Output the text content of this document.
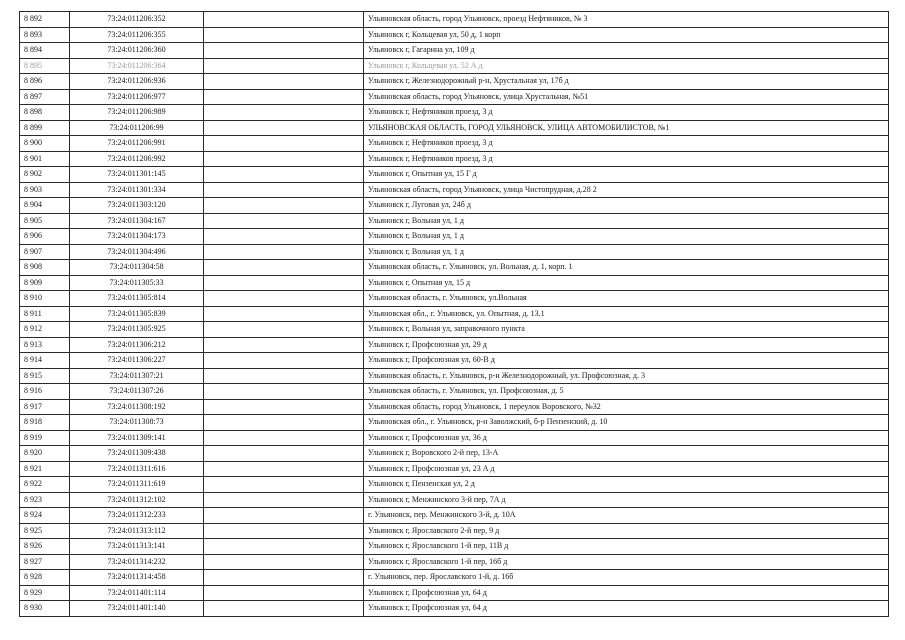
8 892	73:24:011206:352		Ульяновская область, город Ульяновск, проезд Нефтяников, № 3
8 893	73:24:011206:355		Ульяновск г, Кольцевая ул, 50 д, 1 корп
8 894	73:24:011206:360		Ульяновск г, Гагарина ул, 109 д
8 895	73:24:011206:364		Ульяновск г, Кольцевая ул, 52 А д
8 896	73:24:011206:936		Ульяновск г, Железнодорожный р-н, Хрустальная ул, 17б д
8 897	73:24:011206:977		Ульяновская область, город Ульяновск, улица Хрустальная, №51
8 898	73:24:011206:989		Ульяновск г, Нефтяников проезд, 3 д
8 899	73:24:011206:99		УЛЬЯНОВСКАЯ ОБЛАСТЬ, ГОРОД УЛЬЯНОВСК, УЛИЦА АВТОМОБИЛИСТОВ, №1
8 900	73:24:011206:991		Ульяновск г, Нефтяников проезд, 3 д
8 901	73:24:011206:992		Ульяновск г, Нефтяников проезд, 3 д
8 902	73:24:011301:145		Ульяновск г, Опытная ул, 15 Г д
8 903	73:24:011301:334		Ульяновская область, город Ульяновск, улица Чистопрудная, д.28 2
8 904	73:24:011303:120		Ульяновск г, Луговая ул, 24б д
8 905	73:24:011304:167		Ульяновск г, Вольная ул, 1 д
8 906	73:24:011304:173		Ульяновск г, Вольная ул, 1 д
8 907	73:24:011304:496		Ульяновск г, Вольная ул, 1 д
8 908	73:24:011304:58		Ульяновская область, г. Ульяновск, ул. Вольная, д. 1, корп. 1
8 909	73:24:011305:33		Ульяновск г, Опытная ул, 15 д
8 910	73:24:011305:814		Ульяновская область, г. Ульяновск, ул.Вольная
8 911	73:24:011305:839		Ульяновская обл., г. Ульяновск, ул. Опытная, д. 13.1
8 912	73:24:011305:925		Ульяновск г, Вольная ул, заправочного пункта
8 913	73:24:011306:212		Ульяновск г, Профсоюзная ул, 29 д
8 914	73:24:011306:227		Ульяновск г, Профсоюзная ул, 60-В д
8 915	73:24:011307:21		Ульяновская область, г. Ульяновск, р-н Железнодорожный, ул. Профсоюзная, д. 3
8 916	73:24:011307:26		Ульяновская область, г. Ульяновск, ул. Профсоюзная, д. 5
8 917	73:24:011308:192		Ульяновская область, город Ульяновск, 1 переулок Воровского, №32
8 918	73:24:011308:73		Ульяновская обл., г. Ульяновск, р-н Заволжский, б-р Пензенский, д. 10
8 919	73:24:011309:141		Ульяновск г, Профсоюзная ул, 36 д
8 920	73:24:011309:438		Ульяновск г, Воровского 2-й пер, 13-А
8 921	73:24:011311:616		Ульяновск г, Профсоюзная ул, 23 А д
8 922	73:24:011311:619		Ульяновск г, Пензенская ул, 2 д
8 923	73:24:011312:102		Ульяновск г, Менжинского 3-й пер, 7А д
8 924	73:24:011312:233		г. Ульяновск, пер. Менжинского 3-й, д. 10А
8 925	73:24:011313:112		Ульяновск г, Ярославского 2-й пер, 9 д
8 926	73:24:011313:141		Ульяновск г, Ярославского 1-й пер, 11В д
8 927	73:24:011314:232		Ульяновск г, Ярославского 1-й пер, 16б д
8 928	73:24:011314:458		г. Ульяновск, пер. Ярославского 1-й, д. 16б
8 929	73:24:011401:114		Ульяновск г, Профсоюзная ул, 64 д
8 930	73:24:011401:140		Ульяновск г, Профсоюзная ул, 64 д
